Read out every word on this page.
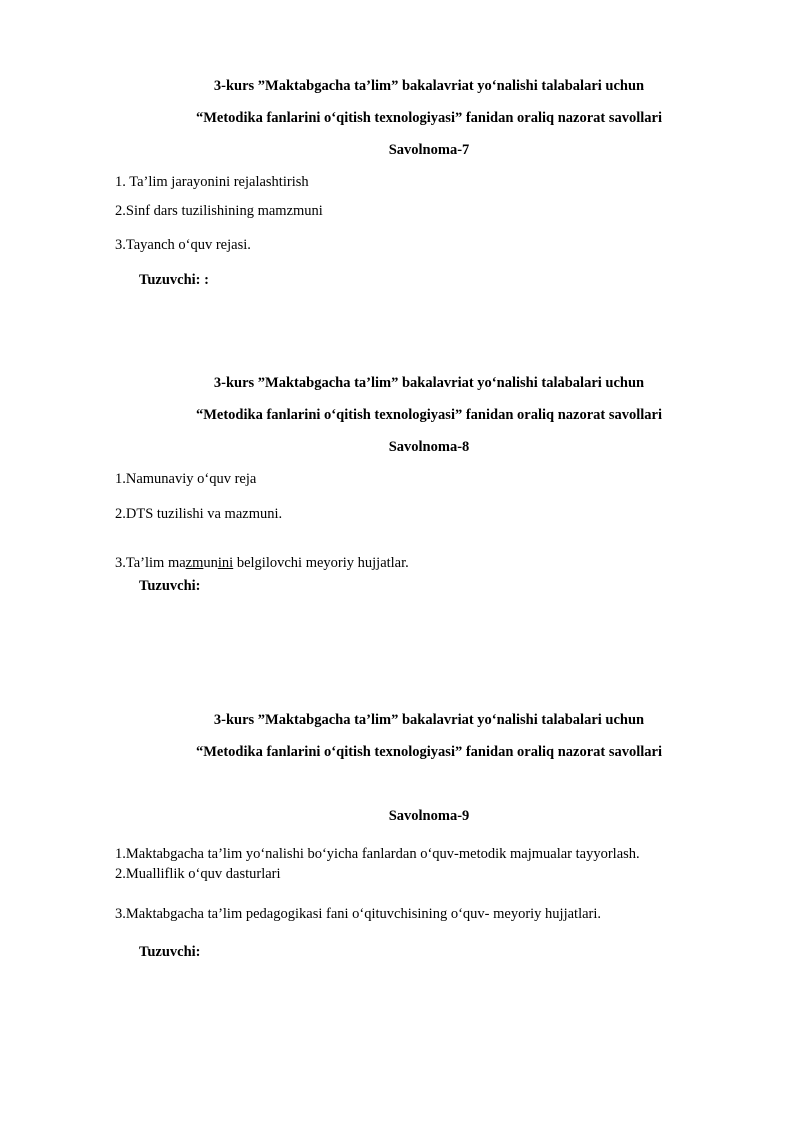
3-kurs ”Maktabgacha ta’lim” bakalavriat yo‘nalishi talabalari uchun
“Metodika fanlarini o‘qitish texnologiyasi” fanidan oraliq nazorat savollari
Savolnoma-7
1. Ta’lim jarayonini rejalashtirish
2.Sinf dars tuzilishining mamzmuni
3.Tayanch o‘quv rejasi.
Tuzuvchi: :
3-kurs ”Maktabgacha ta’lim” bakalavriat yo‘nalishi talabalari uchun
“Metodika fanlarini o‘qitish texnologiyasi” fanidan oraliq nazorat savollari
Savolnoma-8
1.Namunaviy o‘quv reja
2.DTS tuzilishi va mazmuni.
3.Ta’lim mazmunini belgilovchi meyoriy hujjatlar.
Tuzuvchi:
3-kurs ”Maktabgacha ta’lim” bakalavriat yo‘nalishi talabalari uchun
“Metodika fanlarini o‘qitish texnologiyasi” fanidan oraliq nazorat savollari
Savolnoma-9
1.Maktabgacha ta’lim yo‘nalishi bo‘yicha fanlardan o‘quv-metodik majmualar tayyorlash.
2.Mualliflik o‘quv dasturlari
3.Maktabgacha ta’lim pedagogikasi fani o‘qituvchisining o‘quv- meyoriy hujjatlari.
Tuzuvchi:
